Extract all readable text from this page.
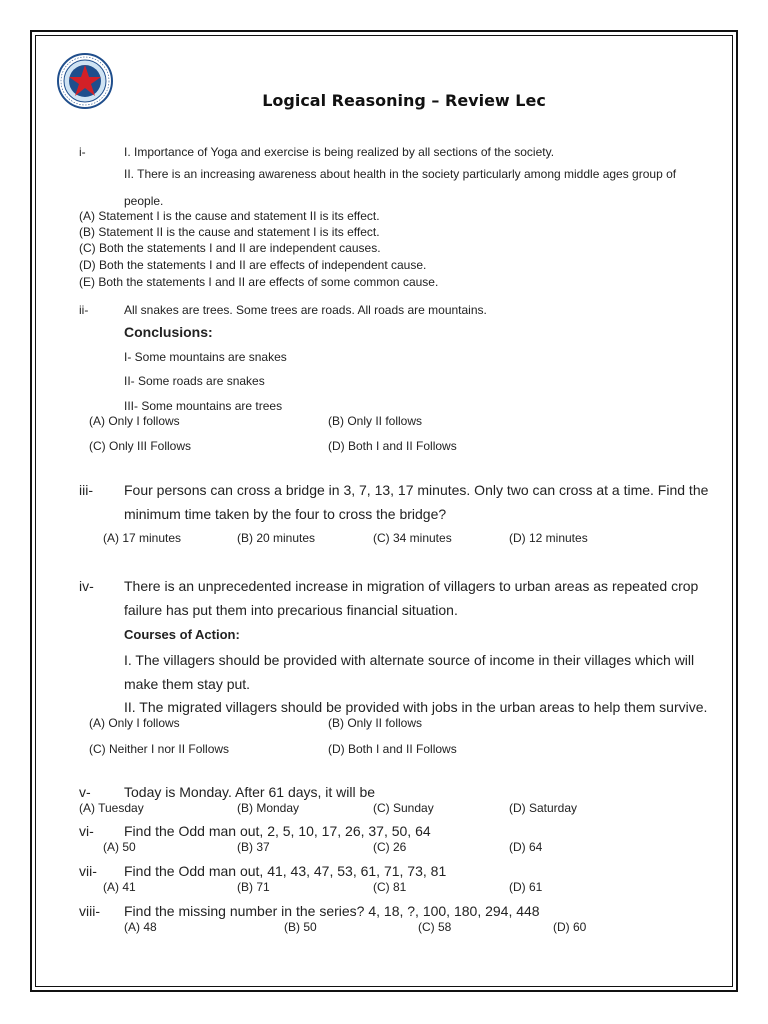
Logical Reasoning – Review Lec
i-	I. Importance of Yoga and exercise is being realized by all sections of the society.
II. There is an increasing awareness about health in the society particularly among middle ages group of
people.
(A) Statement I is the cause and statement II is its effect.
(B) Statement II is the cause and statement I is its effect.
(C) Both the statements I and II are independent causes.
(D) Both the statements I and II are effects of independent cause.
(E) Both the statements I and II are effects of some common cause.
ii-	All snakes are trees. Some trees are roads. All roads are mountains.
Conclusions:
I- Some mountains are snakes
II- Some roads are snakes
III- Some mountains are trees
(A) Only I follows	(B) Only II follows
(C) Only III Follows	(D) Both I and II Follows
iii- Four persons can cross a bridge in 3, 7, 13, 17 minutes. Only two can cross at a time. Find the
minimum time taken by the four to cross the bridge?
(A) 17 minutes	(B) 20 minutes	(C) 34 minutes	(D) 12 minutes
iv- There is an unprecedented increase in migration of villagers to urban areas as repeated crop
failure has put them into precarious financial situation.
Courses of Action:
I. The villagers should be provided with alternate source of income in their villages which will
make them stay put.
II. The migrated villagers should be provided with jobs in the urban areas to help them survive.
(A) Only I follows	(B) Only II follows
(C) Neither I nor II Follows	(D) Both I and II Follows
v- Today is Monday. After 61 days, it will be
(A) Tuesday	(B) Monday	(C) Sunday	(D) Saturday
vi- Find the Odd man out, 2, 5, 10, 17, 26, 37, 50, 64
(A) 50	(B) 37	(C) 26	(D) 64
vii- Find the Odd man out, 41, 43, 47, 53, 61, 71, 73, 81
(A) 41	(B) 71	(C) 81	(D) 61
viii- Find the missing number in the series? 4, 18, ?, 100, 180, 294, 448
(A) 48	(B) 50	(C) 58	(D) 60
